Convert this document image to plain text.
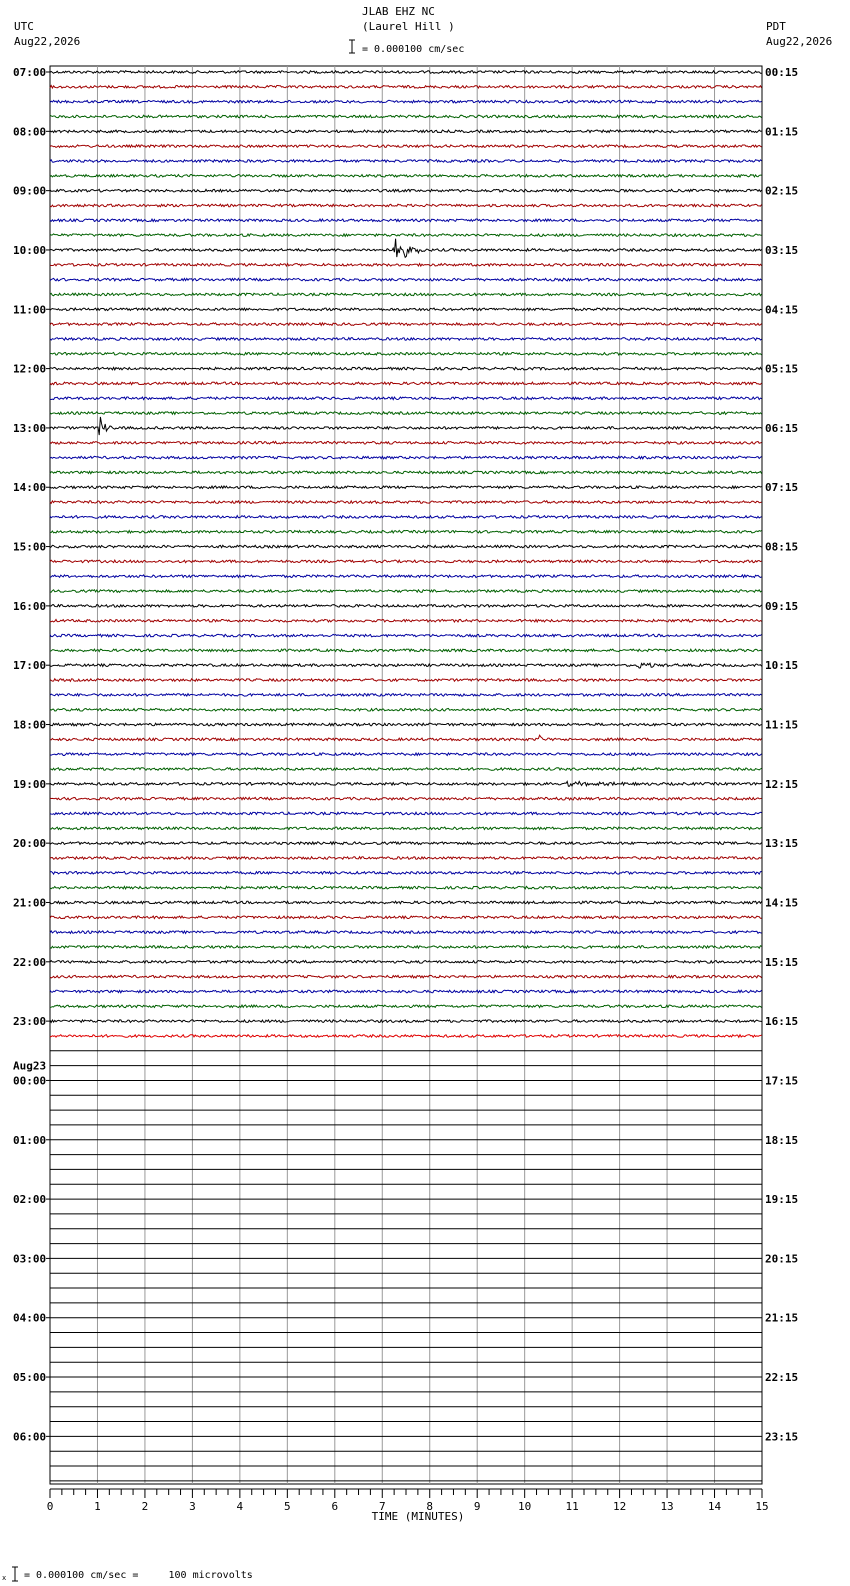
UTC
Aug22,2026
JLAB EHZ NC
(Laurel Hill )	PDT
Aug22,2026
= 0.000100 cm/sec
07:00	00:15
08:00	01:15
09:00	02:15
10:00	03:15
11:00	04:15
12:00	05:15
13:00	06:15
14:00	07:15
15:00	08:15
16:00	09:15
17:00	10:15
18:00	11:15
19:00	12:15
20:00	13:15
21:00	14:15
22:00	15:15
23:00	16:15
00:00	17:15
01:00	18:15
02:00	19:15
03:00	20:15
04:00	21:15
05:00	22:15
06:00	23:15
Aug23
0	1	2	3	4	5	6	7	8	9	10	11	12	13	14	15
TIME (MINUTES)
x = 0.000100 cm/sec =     100 microvolts
